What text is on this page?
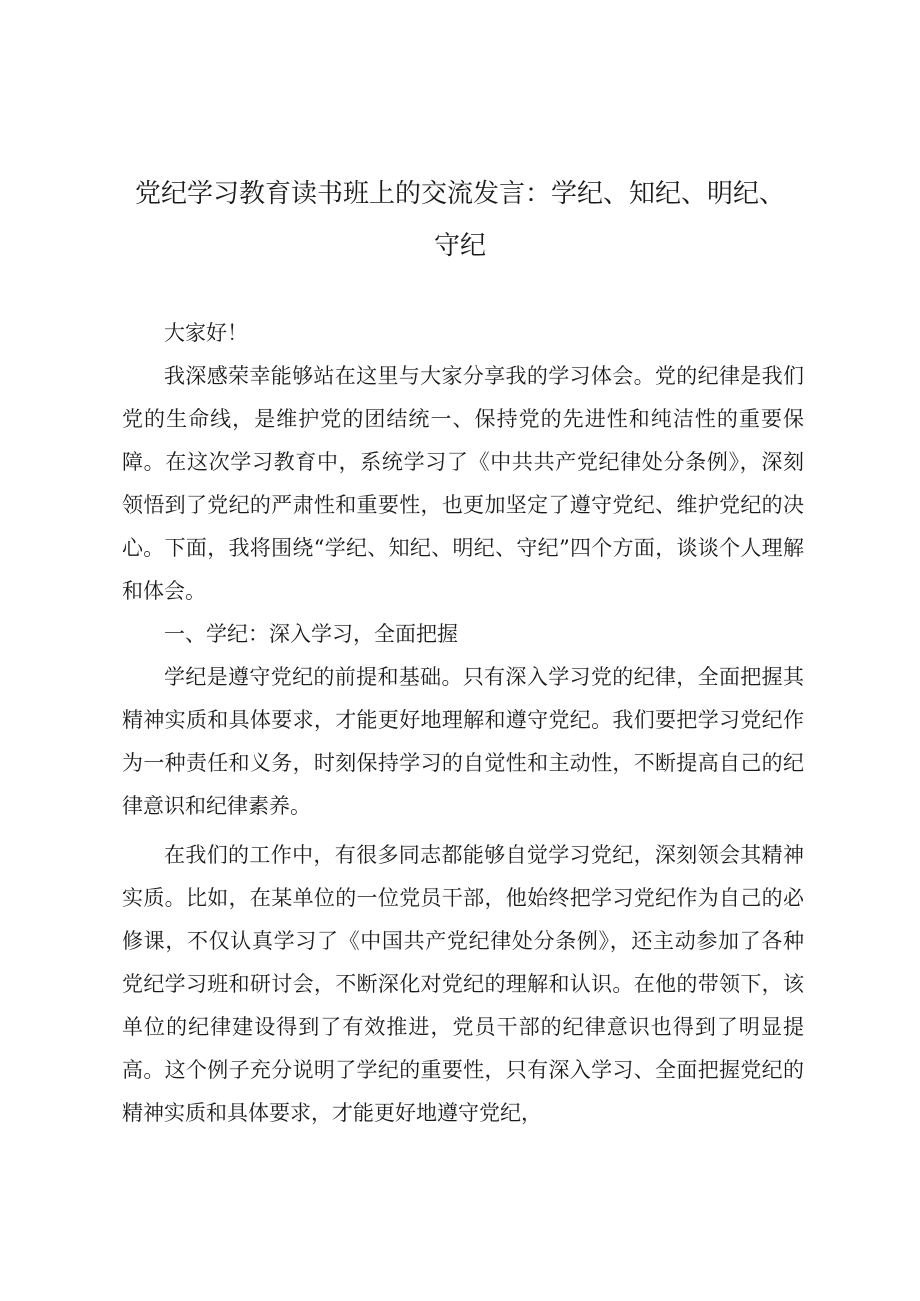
党纪学习教育读书班上的交流发言：学纪、知纪、明纪、
守纪

大家好！

我深感荣幸能够站在这里与大家分享我的学习体会。党的纪律是我们党的生命线，是维护党的团结统一、保持党的先进性和纯洁性的重要保障。在这次学习教育中，系统学习了《中共共产党纪律处分条例》，深刻领悟到了党纪的严肃性和重要性，也更加坚定了遵守党纪、维护党纪的决心。下面，我将围绕“学纪、知纪、明纪、守纪”四个方面，谈谈个人理解和体会。

一、学纪：深入学习，全面把握

学纪是遵守党纪的前提和基础。只有深入学习党的纪律，全面把握其精神实质和具体要求，才能更好地理解和遵守党纪。我们要把学习党纪作为一种责任和义务，时刻保持学习的自觉性和主动性，不断提高自己的纪律意识和纪律素养。

在我们的工作中，有很多同志都能够自觉学习党纪，深刻领会其精神实质。比如，在某单位的一位党员干部，他始终把学习党纪作为自己的必修课，不仅认真学习了《中国共产党纪律处分条例》，还主动参加了各种党纪学习班和研讨会，不断深化对党纪的理解和认识。在他的带领下，该单位的纪律建设得到了有效推进，党员干部的纪律意识也得到了明显提高。这个例子充分说明了学纪的重要性，只有深入学习、全面把握党纪的精神实质和具体要求，才能更好地遵守党纪，
